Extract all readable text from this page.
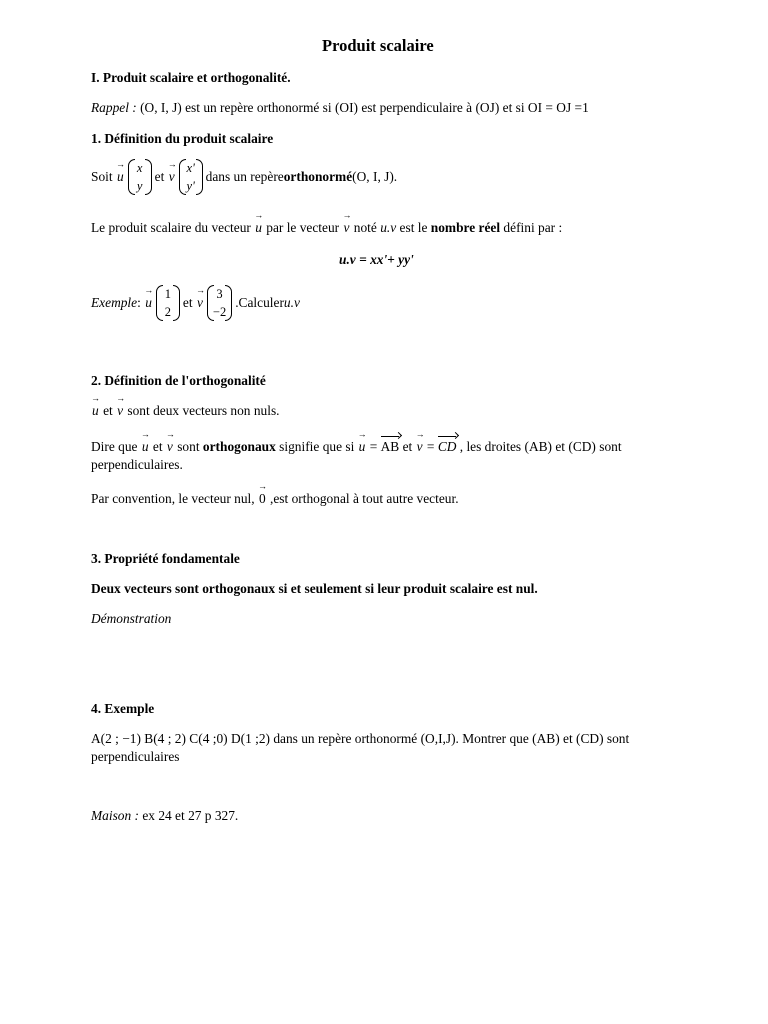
Produit scalaire
I. Produit scalaire et orthogonalité.
Rappel : (O, I, J) est un repère orthonormé si (OI) est perpendiculaire à (OJ) et si OI = OJ =1
1. Définition du produit scalaire
Soit
→ u
x
y
et
→ v
x'
y'
dans un repère orthonormé (O, I, J).
Le produit scalaire du vecteur → u par le vecteur → v noté u.v est le nombre réel défini par :
u.v = xx'+ yy'
Exemple :
→ u
1
2
et
→ v
3
−2
.Calculer u.v
2. Définition de l'orthogonalité
→ u et → v sont deux vecteurs non nuls.
Dire que → u et → v sont orthogonaux signifie que si → u = AB et → v = CD , les droites (AB) et (CD) sont
perpendiculaires.
Par convention, le vecteur nul, → 0 ,est orthogonal à tout autre vecteur.
3. Propriété fondamentale
Deux vecteurs sont orthogonaux si et seulement si leur produit scalaire est nul.
Démonstration
4. Exemple
A(2 ; −1) B(4 ; 2) C(4 ;0) D(1 ;2) dans un repère orthonormé (O,I,J). Montrer que (AB) et (CD) sont
perpendiculaires
Maison : ex 24 et 27 p 327.
